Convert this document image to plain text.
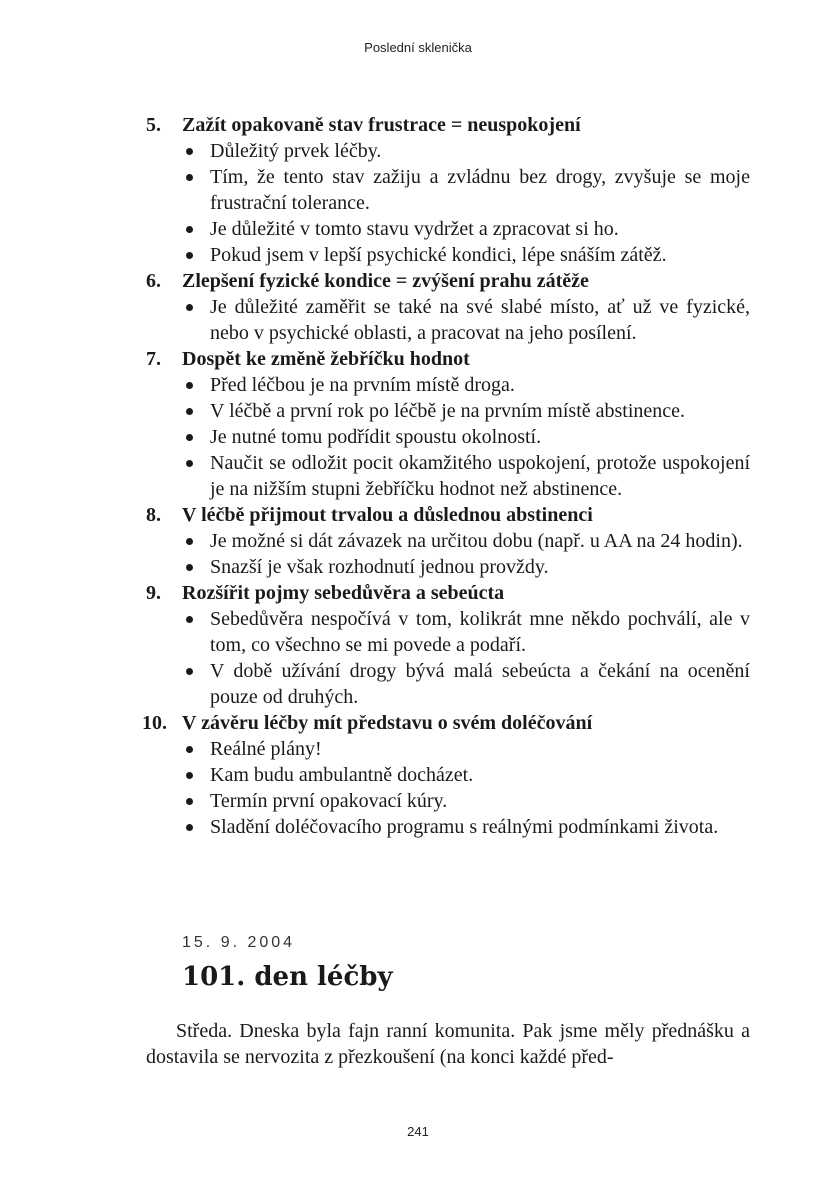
Poslední sklenička
5. Zažít opakovaně stav frustrace = neuspokojení
Důležitý prvek léčby.
Tím, že tento stav zažiju a zvládnu bez drogy, zvyšuje se moje frustrační tolerance.
Je důležité v tomto stavu vydržet a zpracovat si ho.
Pokud jsem v lepší psychické kondici, lépe snáším zátěž.
6. Zlepšení fyzické kondice = zvýšení prahu zátěže
Je důležité zaměřit se také na své slabé místo, ať už ve fyzické, nebo v psychické oblasti, a pracovat na jeho posílení.
7. Dospět ke změně žebříčku hodnot
Před léčbou je na prvním místě droga.
V léčbě a první rok po léčbě je na prvním místě abstinence.
Je nutné tomu podřídit spoustu okolností.
Naučit se odložit pocit okamžitého uspokojení, protože uspokojení je na nižším stupni žebříčku hodnot než abstinence.
8. V léčbě přijmout trvalou a důslednou abstinenci
Je možné si dát závazek na určitou dobu (např. u AA na 24 hodin).
Snazší je však rozhodnutí jednou provždy.
9. Rozšířit pojmy sebedůvěra a sebeúcta
Sebedůvěra nespočívá v tom, kolikrát mne někdo pochválí, ale v tom, co všechno se mi povede a podaří.
V době užívání drogy bývá malá sebeúcta a čekání na ocenění pouze od druhých.
10. V závěru léčby mít představu o svém doléčování
Reálné plány!
Kam budu ambulantně docházet.
Termín první opakovací kúry.
Sladění doléčovacího programu s reálnými podmínkami života.
15. 9. 2004
101. den léčby
Středa. Dneska byla fajn ranní komunita. Pak jsme měly přednášku a dostavila se nervozita z přezkoušení (na konci každé před-
241
